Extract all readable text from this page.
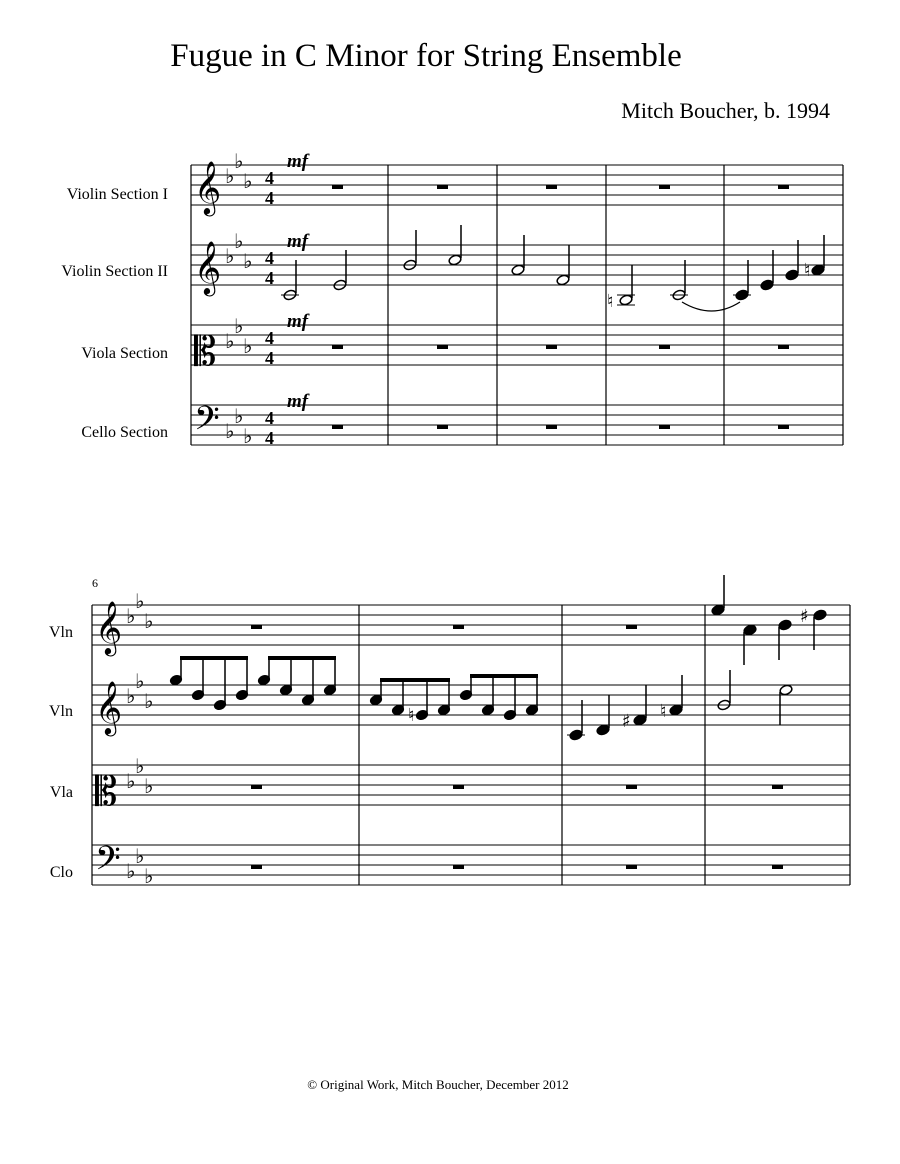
Fugue in C Minor for String Ensemble
Mitch Boucher, b. 1994
Violin Section I
Violin Section II
Viola Section
Cello Section
𝄞
𝄞
𝄡
𝄢
♭
♭
♭
♭
♭
♭
♭
♭
♭
♭
♭
♭
4
4
4
4
4
4
4
4
mf
mf
mf
mf
♮
♮
6
Vln
Vln
Vla
Clo
𝄞
𝄞
𝄡
𝄢
♭
♭
♭
♭
♭
♭
♭
♭
♭
♭
♭
♭
♯
♮	♯ ♮
© Original Work, Mitch Boucher, December 2012
